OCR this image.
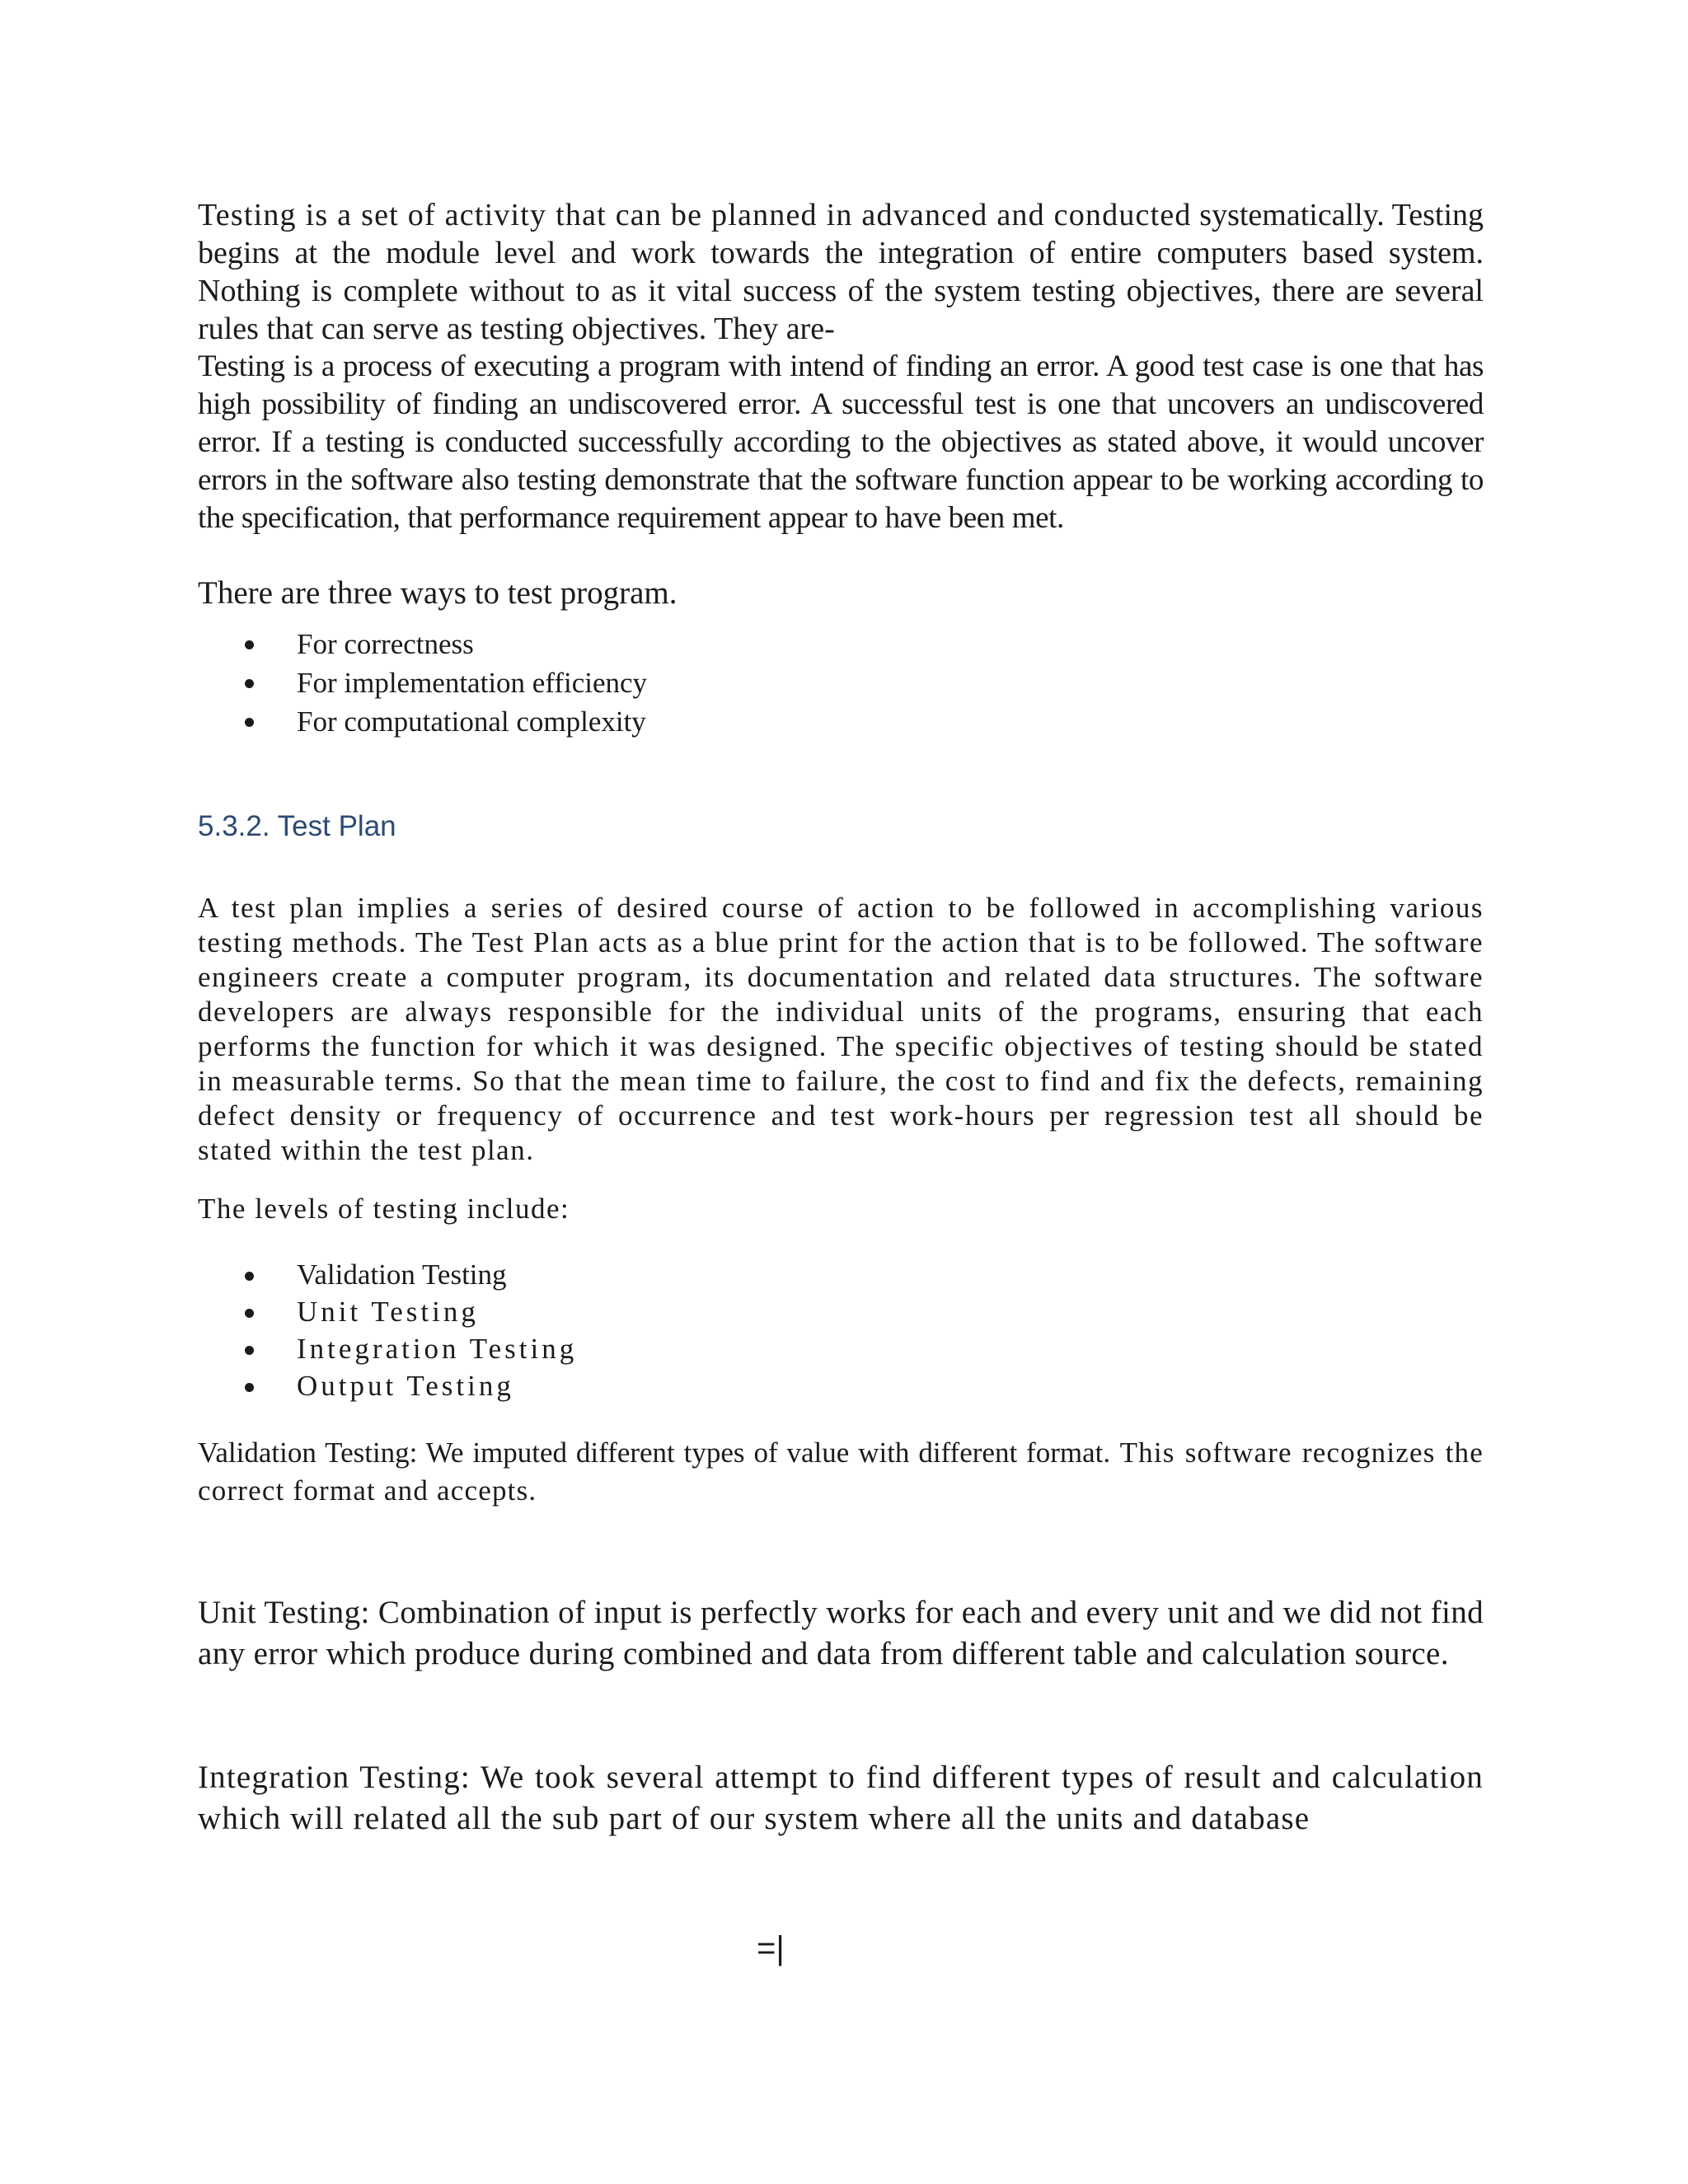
Testing is a set of activity that can be planned in advanced and conducted systematically. Testing begins at the module level and work towards the integration of entire computers based system. Nothing is complete without to as it vital success of the system testing objectives, there are several rules that can serve as testing objectives. They are-

Testing is a process of executing a program with intend of finding an error. A good test case is one that has high possibility of finding an undiscovered error. A successful test is one that uncovers an undiscovered error. If a testing is conducted successfully according to the objectives as stated above, it would uncover errors in the software also testing demonstrate that the software function appear to be working according to the specification, that performance requirement appear to have been met.

There are three ways to test program.

For correctness
For implementation efficiency
For computational complexity
5.3.2. Test Plan

A test plan implies a series of desired course of action to be followed in accomplishing various testing methods. The Test Plan acts as a blue print for the action that is to be followed. The software engineers create a computer program, its documentation and related data structures. The software developers are always responsible for the individual units of the programs, ensuring that each performs the function for which it was designed. The specific objectives of testing should be stated in measurable terms. So that the mean time to failure, the cost to find and fix the defects, remaining defect density or frequency of occurrence and test work-hours per regression test all should be stated within the test plan.

The levels of testing include:

Validation Testing
Unit Testing
Integration Testing
Output Testing

Validation Testing: We imputed different types of value with different format. This software recognizes the correct format and accepts.

Unit Testing: Combination of input is perfectly works for each and every unit and we did not find any error which produce during combined and data from different table and calculation source.

Integration Testing: We took several attempt to find different types of result and calculation which will related all the sub part of our system where all the units and database

=|
